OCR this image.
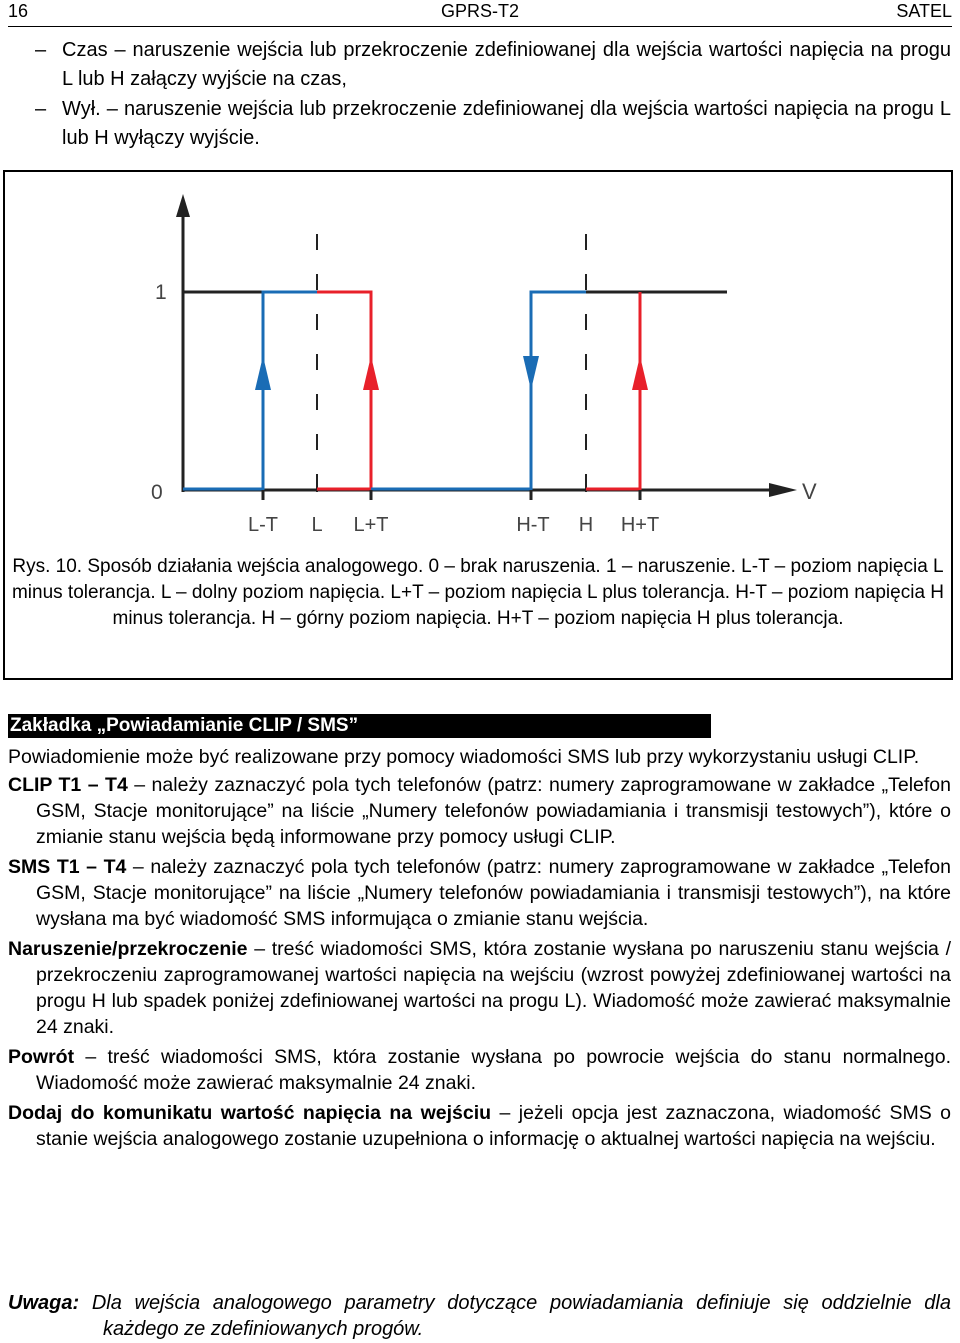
16	GPRS-T2	SATEL

– Czas – naruszenie wejścia lub przekroczenie zdefiniowanej dla wejścia wartości napięcia na progu L lub H załączy wyjście na czas,

– Wył. – naruszenie wejścia lub przekroczenie zdefiniowanej dla wejścia wartości napięcia na progu L lub H wyłączy wyjście.

1
0	V
L-T L L+T	H-T H H+T
Rys. 10. Sposób działania wejścia analogowego. 0 – brak naruszenia. 1 – naruszenie. L-T – poziom napięcia L minus tolerancja. L – dolny poziom napięcia. L+T – poziom napięcia L plus tolerancja. H-T – poziom napięcia H minus tolerancja. H – górny poziom napięcia. H+T – poziom napięcia H plus tolerancja.
Zakładka „Powiadamianie CLIP / SMS”

Powiadomienie może być realizowane przy pomocy wiadomości SMS lub przy wykorzystaniu usługi CLIP.

CLIP T1 – T4 – należy zaznaczyć pola tych telefonów (patrz: numery zaprogramowane w zakładce „Telefon GSM, Stacje monitorujące” na liście „Numery telefonów powiadamiania i transmisji testowych”), które o zmianie stanu wejścia będą informowane przy pomocy usługi CLIP.

SMS T1 – T4 – należy zaznaczyć pola tych telefonów (patrz: numery zaprogramowane w zakładce „Telefon GSM, Stacje monitorujące” na liście „Numery telefonów powiadamiania i transmisji testowych”), na które wysłana ma być wiadomość SMS informująca o zmianie stanu wejścia.

Naruszenie/przekroczenie – treść wiadomości SMS, która zostanie wysłana po naruszeniu stanu wejścia / przekroczeniu zaprogramowanej wartości napięcia na wejściu (wzrost powyżej zdefiniowanej wartości na progu H lub spadek poniżej zdefiniowanej wartości na progu L). Wiadomość może zawierać maksymalnie 24 znaki.

Powrót – treść wiadomości SMS, która zostanie wysłana po powrocie wejścia do stanu normalnego. Wiadomość może zawierać maksymalnie 24 znaki.

Dodaj do komunikatu wartość napięcia na wejściu – jeżeli opcja jest zaznaczona, wiadomość SMS o stanie wejścia analogowego zostanie uzupełniona o informację o aktualnej wartości napięcia na wejściu.

Uwaga: Dla wejścia analogowego parametry dotyczące powiadamiania definiuje się oddzielnie dla każdego ze zdefiniowanych progów.
